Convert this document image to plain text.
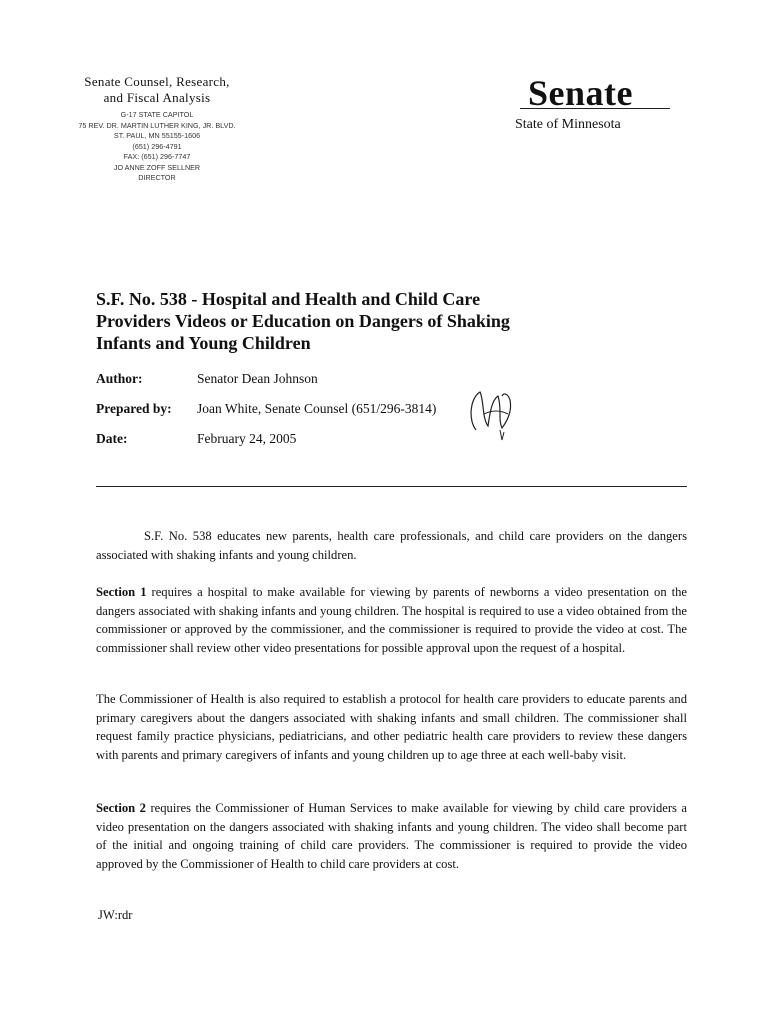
Senate Counsel, Research,
and Fiscal Analysis
G-17 STATE CAPITOL
75 REV. DR. MARTIN LUTHER KING, JR. BLVD.
ST. PAUL, MN 55155-1606
(651) 296-4791
FAX: (651) 296-7747
JO ANNE ZOFF SELLNER
DIRECTOR
Senate
State of Minnesota
S.F. No. 538 - Hospital and Health and Child Care
Providers Videos or Education on Dangers of Shaking
Infants and Young Children
Author:	Senator Dean Johnson
Prepared by: Joan White, Senate Counsel (651/296-3814)
Date:	February 24, 2005
S.F. No. 538 educates new parents, health care professionals, and child care providers on the dangers associated with shaking infants and young children.
Section 1 requires a hospital to make available for viewing by parents of newborns a video presentation on the dangers associated with shaking infants and young children. The hospital is required to use a video obtained from the commissioner or approved by the commissioner, and the commissioner is required to provide the video at cost. The commissioner shall review other video presentations for possible approval upon the request of a hospital.
The Commissioner of Health is also required to establish a protocol for health care providers to educate parents and primary caregivers about the dangers associated with shaking infants and small children. The commissioner shall request family practice physicians, pediatricians, and other pediatric health care providers to review these dangers with parents and primary caregivers of infants and young children up to age three at each well-baby visit.
Section 2 requires the Commissioner of Human Services to make available for viewing by child care providers a video presentation on the dangers associated with shaking infants and young children. The video shall become part of the initial and ongoing training of child care providers. The commissioner is required to provide the video approved by the Commissioner of Health to child care providers at cost.
JW:rdr
